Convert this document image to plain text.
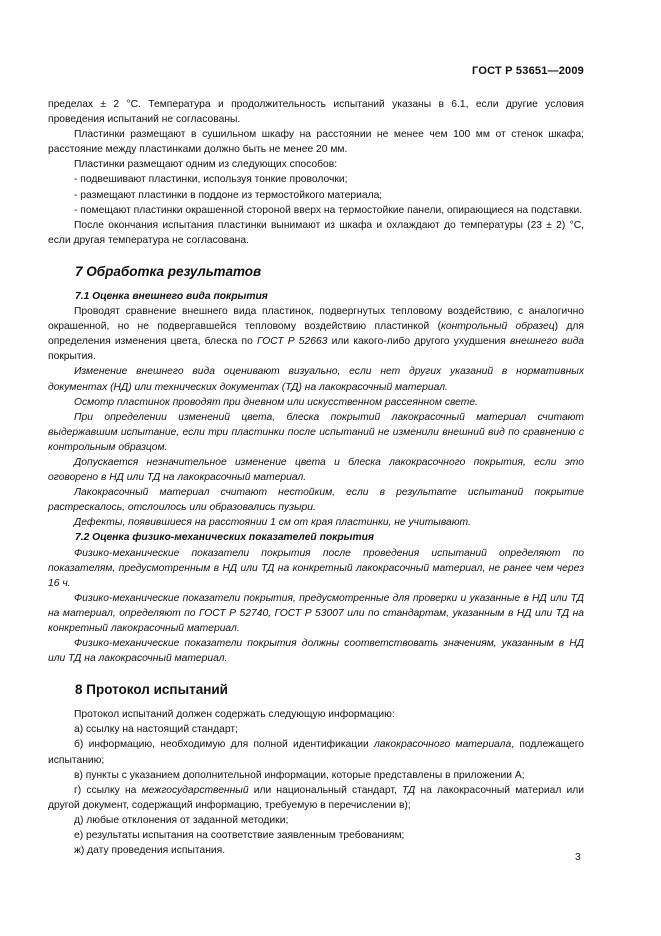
ГОСТ Р 53651—2009

пределах ± 2 °С. Температура и продолжительность испытаний указаны в 6.1, если другие условия проведения испытаний не согласованы.

Пластинки размещают в сушильном шкафу на расстоянии не менее чем 100 мм от стенок шкафа; расстояние между пластинками должно быть не менее 20 мм.

Пластинки размещают одним из следующих способов:

- подвешивают пластинки, используя тонкие проволочки;

- размещают пластинки в поддоне из термостойкого материала;

- помещают пластинки окрашенной стороной вверх на термостойкие панели, опирающиеся на подставки.

После окончания испытания пластинки вынимают из шкафа и охлаждают до температуры (23 ± 2) °С, если другая температура не согласована.

7 Обработка результатов
7.1 Оценка внешнего вида покрытия

Проводят сравнение внешнего вида пластинок, подвергнутых тепловому воздействию, с аналогично окрашенной, но не подвергавшейся тепловому воздействию пластинкой (контрольный образец) для определения изменения цвета, блеска по ГОСТ Р 52663 или какого-либо другого ухудшения внешнего вида покрытия.

Изменение внешнего вида оценивают визуально, если нет других указаний в нормативных документах (НД) или технических документах (ТД) на лакокрасочный материал.

Осмотр пластинок проводят при дневном или искусственном рассеянном свете.

При определении изменений цвета, блеска покрытий лакокрасочный материал считают выдержавшим испытание, если три пластинки после испытаний не изменили внешний вид по сравнению с контрольным образцом.

Допускается незначительное изменение цвета и блеска лакокрасочного покрытия, если это оговорено в НД или ТД на лакокрасочный материал.

Лакокрасочный материал считают нестойким, если в результате испытаний покрытие растрескалось, отслоилось или образовались пузыри.

Дефекты, появившиеся на расстоянии 1 см от края пластинки, не учитывают.

7.2 Оценка физико-механических показателей покрытия

Физико-механические показатели покрытия после проведения испытаний определяют по показателям, предусмотренным в НД или ТД на конкретный лакокрасочный материал, не ранее чем через 16 ч.

Физико-механические показатели покрытия, предусмотренные для проверки и указанные в НД или ТД на материал, определяют по ГОСТ Р 52740, ГОСТ Р 53007 или по стандартам, указанным в НД или ТД на конкретный лакокрасочный материал.

Физико-механические показатели покрытия должны соответствовать значениям, указанным в НД или ТД на лакокрасочный материал.

8 Протокол испытаний

Протокол испытаний должен содержать следующую информацию:

а) ссылку на настоящий стандарт;

б) информацию, необходимую для полной идентификации лакокрасочного материала, подлежащего испытанию;

в) пункты с указанием дополнительной информации, которые представлены в приложении А;

г) ссылку на межгосударственный или национальный стандарт, ТД на лакокрасочный материал или другой документ, содержащий информацию, требуемую в перечислении в);

д) любые отклонения от заданной методики;

е) результаты испытания на соответствие заявленным требованиям;

ж) дату проведения испытания.

3
